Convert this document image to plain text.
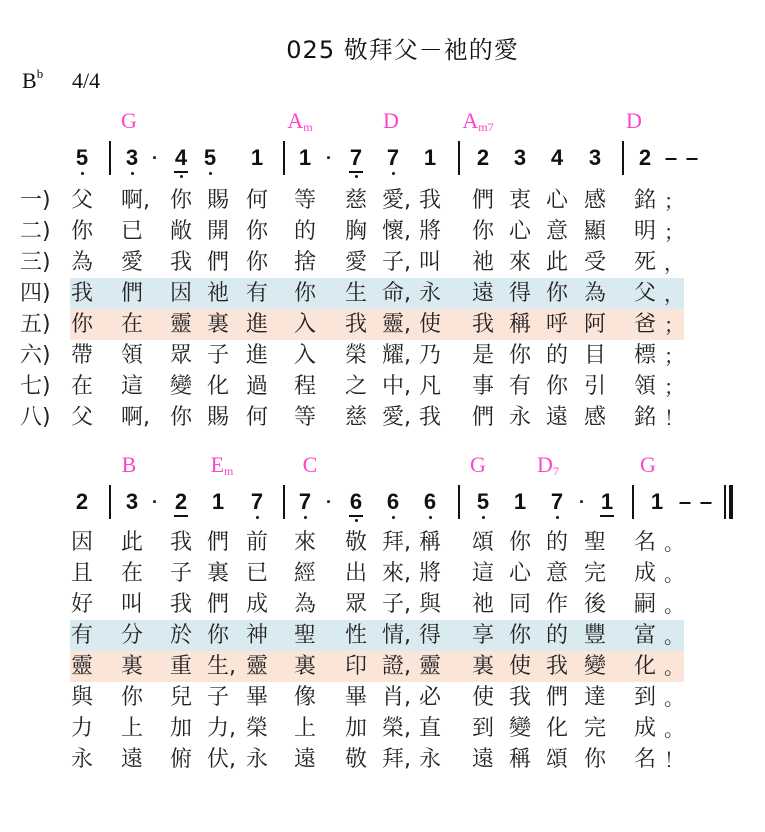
025 敬拜父－祂的愛
$B^b$ 4/4
G	$A_m$	D	$A_{m7}$	D
5 3 4 5 1 1 7 7 1 2 3 4 3 2
·	·
一) 父 啊, 你 賜 何 等 慈 愛, 我 們 衷 心 感 銘 ；
二) 你 已 敞 開 你 的 胸 懷, 將 你 心 意 顯 明 ；
三) 為 愛 我 們 你 捨 愛 子, 叫 祂 來 此 受 死 ，
四) 我 們 因 祂 有 你 生 命, 永 遠 得 你 為 父 ，
五) 你 在 靈 裏 進 入 我 靈, 使 我 稱 呼 阿 爸 ；
六) 帶 領 眾 子 進 入 榮 耀, 乃 是 你 的 目 標 ；
七) 在 這 變 化 過 程 之 中, 凡 事 有 你 引 領 ；
八) 父 啊, 你 賜 何 等 慈 愛, 我 們 永 遠 感 銘 ！
B	$E_m$	C	G $D_7$	G
2 3 2 1 7 7 6 6 6 5 1 7 1 1
·	·	·
因 此 我 們 前 來 敬 拜, 稱 頌 你 的 聖 名 。
且 在 子 裏 已 經 出 來, 將 這 心 意 完 成 。
好 叫 我 們 成 為 眾 子, 與 祂 同 作 後 嗣 。
有 分 於 你 神 聖 性 情, 得 享 你 的 豐 富 。
靈 裏 重 生, 靈 裏 印 證, 靈 裏 使 我 變 化 。
與 你 兒 子 畢 像 畢 肖, 必 使 我 們 達 到 。
力 上 加 力, 榮 上 加 榮, 直 到 變 化 完 成 。
永 遠 俯 伏, 永 遠 敬 拜, 永 遠 稱 頌 你 名 ！
